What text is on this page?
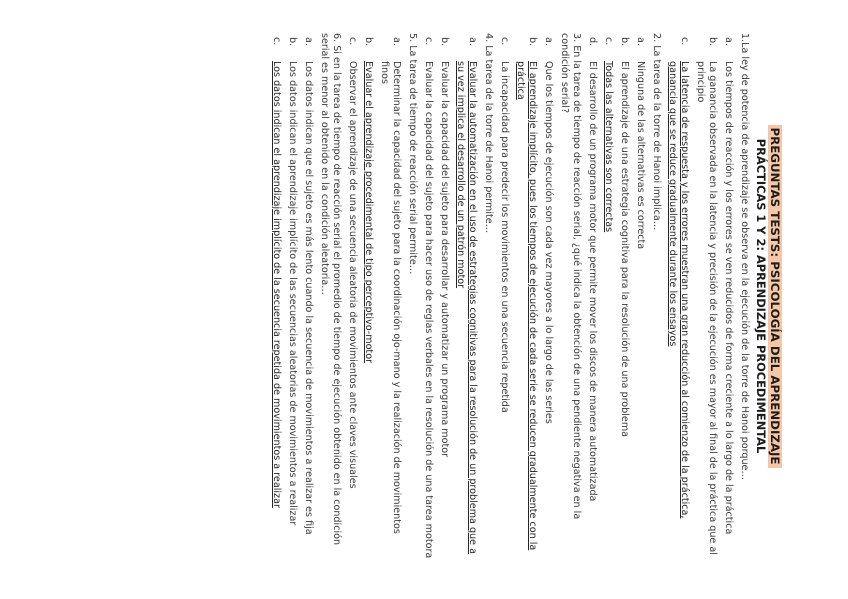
PREGUNTAS TESTS: PSICOLOGÍA DEL APRENDIZAJE
PRÁCTICAS 1 Y 2: APRENDIZAJE PROCEDIMENTAL
1.La ley de potencia de aprendizaje se observa en la ejecución de la torre de Hanoi porque…
a.
Los tiempos de reacción y los errores se ven reducidos de forma creciente a lo largo de la práctica
b.
La ganancia observada en la latencia y precisión de la ejecución es mayor al final de la práctica que al principio
c.
La latencia de respuesta y los errores muestran una gran reducción al comienzo de la práctica, ganancia que se reduce gradualmente durante los ensayos
2. La tarea de la torre de Hanoi implica…
a.
Ninguna de las alternativas es correcta
b.
El aprendizaje de una estrategia cognitiva para la resolución de una problema
c.
Todas las alternativas son correctas
d.
El desarrollo de un programa motor que permite mover los discos de manera automatizada
3. En la tarea de tiempo de reacción serial, ¿qué indica la obtención de una pendiente negativa en la condición serial?
a.
Que los tiempos de ejecución son cada vez mayores a lo largo de las series
b.
El aprendizaje implícito, pues los tiempos de ejecución de cada serie se reducen gradualmente con la práctica
c.
La incapacidad para predecir los movimientos en una secuencia repetida
4. La tarea de la torre de Hanoi permite…
a.
Evaluar la automatización en el uso de estrategias cognitivas para la resolución de un problema que a su vez implica el desarrollo de un patrón motor
b.
Evaluar la capacidad del sujeto para desarrollar y automatizar un programa motor
c.
Evaluar la capacidad del sujeto para hacer uso de reglas verbales en la resolución de una tarea motora
5. La tarea de tiempo de reacción serial permite…
a.
Determinar la capacidad del sujeto para la coordinación ojo-mano y la realización de movimientos finos
b.
Evaluar el aprendizaje procedimental de tipo perceptivo-motor
c.
Observar el aprendizaje de una secuencia aleatoria de movimientos ante claves visuales
6. Si en la tarea de tiempo de reacción serial el promedio de tiempo de ejecución obtenido en la condición serial es menor al obtenido en la condición aleatoria…
a.
Los datos indican que el sujeto es más lento cuando la secuencia de movimientos a realizar es fija
b.
Los datos indican el aprendizaje implícito de las secuencias aleatorias de movimientos a realizar
c.
Los datos indican el aprendizaje implícito de la secuencia repetida de movimientos a realizar
